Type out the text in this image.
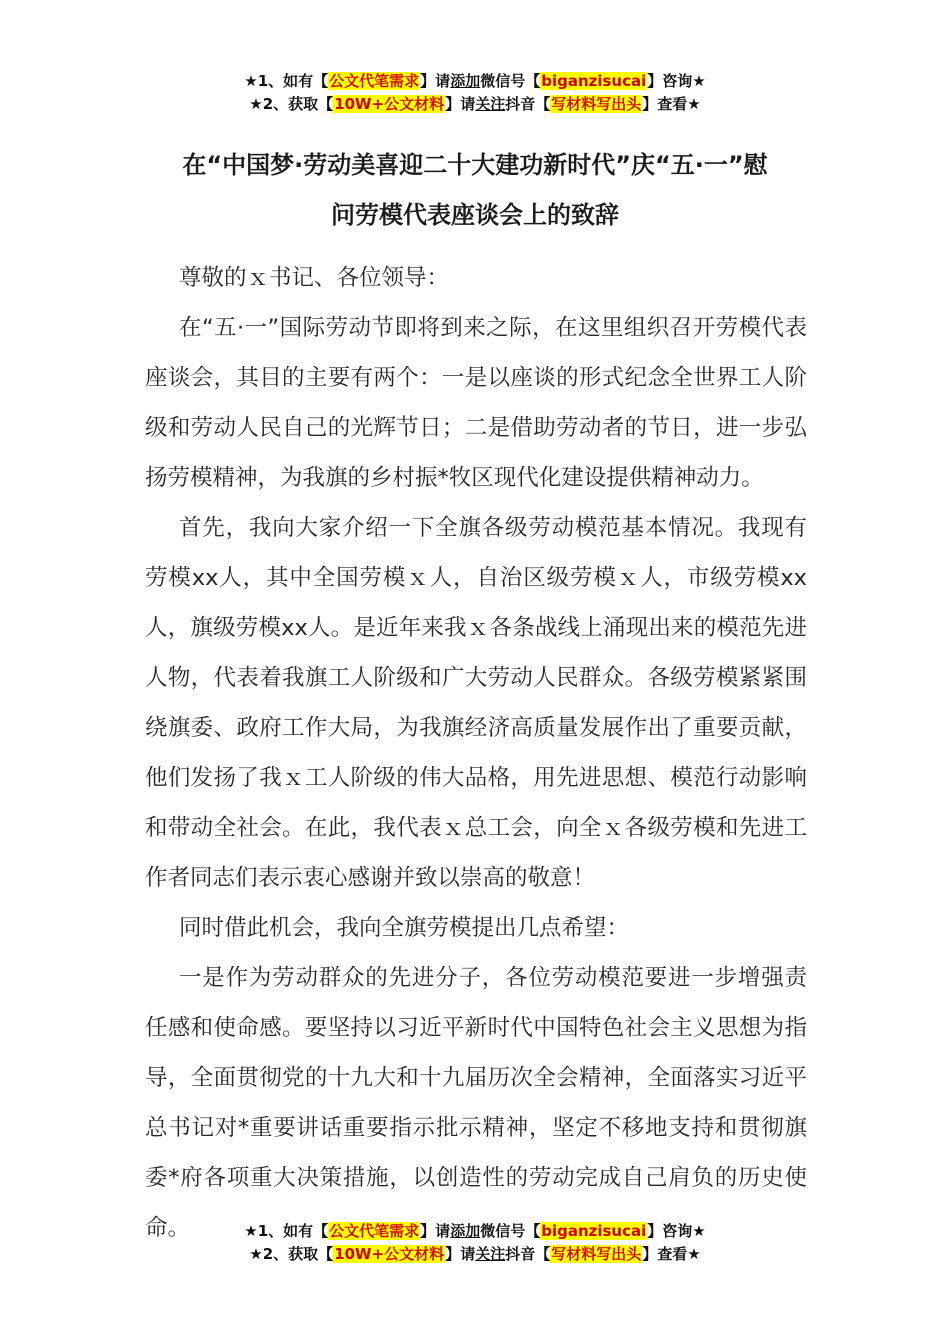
★1、如有【公文代笔需求】请添加微信号【biganzisucai】咨询★
★2、获取【10W+公文材料】请关注抖音【写材料写出头】查看★
在“中国梦·劳动美喜迎二十大建功新时代”庆“五·一”慰
问劳模代表座谈会上的致辞

尊敬的ｘ书记、各位领导：

在“五·一”国际劳动节即将到来之际，在这里组织召开劳模代表座谈会，其目的主要有两个：一是以座谈的形式纪念全世界工人阶级和劳动人民自己的光辉节日；二是借助劳动者的节日，进一步弘扬劳模精神，为我旗的乡村振*牧区现代化建设提供精神动力。

首先，我向大家介绍一下全旗各级劳动模范基本情况。我现有劳模xx人，其中全国劳模ｘ人，自治区级劳模ｘ人，市级劳模xx人，旗级劳模xx人。是近年来我ｘ各条战线上涌现出来的模范先进人物，代表着我旗工人阶级和广大劳动人民群众。各级劳模紧紧围绕旗委、政府工作大局，为我旗经济高质量发展作出了重要贡献，他们发扬了我ｘ工人阶级的伟大品格，用先进思想、模范行动影响和带动全社会。在此，我代表ｘ总工会，向全ｘ各级劳模和先进工作者同志们表示衷心感谢并致以崇高的敬意！

同时借此机会，我向全旗劳模提出几点希望：

一是作为劳动群众的先进分子，各位劳动模范要进一步增强责任感和使命感。要坚持以习近平新时代中国特色社会主义思想为指导，全面贯彻党的十九大和十九届历次全会精神，全面落实习近平总书记对*重要讲话重要指示批示精神，坚定不移地支持和贯彻旗委*府各项重大决策措施，以创造性的劳动完成自己肩负的历史使命。	★1、如有【公文代笔需求】请添加微信号【biganzisucai】咨询★
★2、获取【10W+公文材料】请关注抖音【写材料写出头】查看★
